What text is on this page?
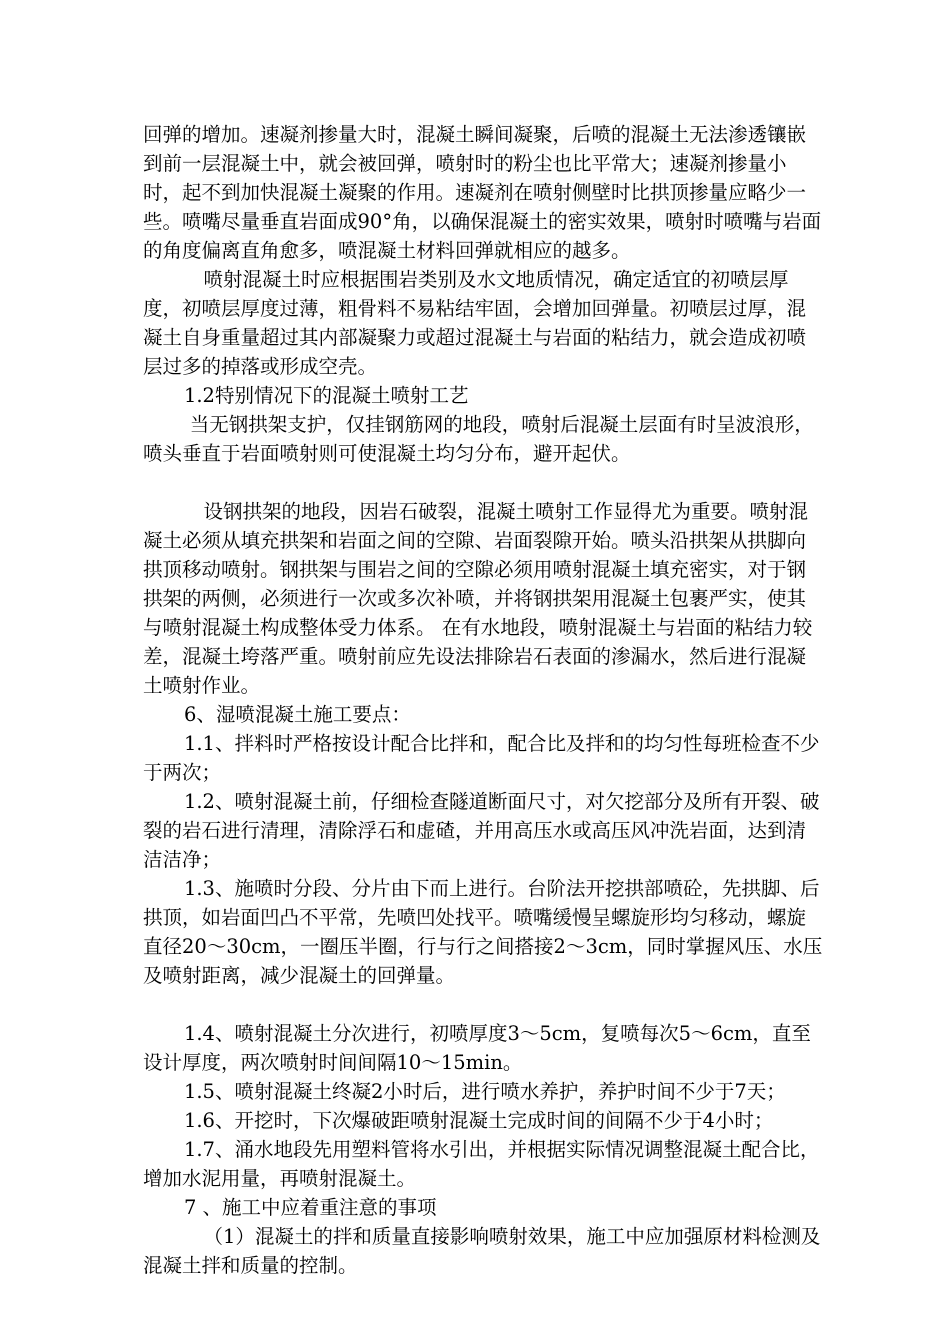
回弹的增加。速凝剂掺量大时，混凝土瞬间凝聚，后喷的混凝土无法渗透镶嵌到前一层混凝土中，就会被回弹，喷射时的粉尘也比平常大；速凝剂掺量小时，起不到加快混凝土凝聚的作用。速凝剂在喷射侧壁时比拱顶掺量应略少一些。喷嘴尽量垂直岩面成90°角，以确保混凝土的密实效果，喷射时喷嘴与岩面的角度偏离直角愈多，喷混凝土材料回弹就相应的越多。

喷射混凝土时应根据围岩类别及水文地质情况，确定适宜的初喷层厚度，初喷层厚度过薄，粗骨料不易粘结牢固，会增加回弹量。初喷层过厚，混凝土自身重量超过其内部凝聚力或超过混凝土与岩面的粘结力，就会造成初喷层过多的掉落或形成空壳。

1.2特别情况下的混凝土喷射工艺

当无钢拱架支护，仅挂钢筋网的地段，喷射后混凝土层面有时呈波浪形，喷头垂直于岩面喷射则可使混凝土均匀分布，避开起伏。

设钢拱架的地段，因岩石破裂，混凝土喷射工作显得尤为重要。喷射混凝土必须从填充拱架和岩面之间的空隙、岩面裂隙开始。喷头沿拱架从拱脚向拱顶移动喷射。钢拱架与围岩之间的空隙必须用喷射混凝土填充密实，对于钢拱架的两侧，必须进行一次或多次补喷，并将钢拱架用混凝土包裹严实，使其与喷射混凝土构成整体受力体系。 在有水地段，喷射混凝土与岩面的粘结力较差，混凝土垮落严重。喷射前应先设法排除岩石表面的渗漏水，然后进行混凝土喷射作业。

6、湿喷混凝土施工要点：

1.1、拌料时严格按设计配合比拌和，配合比及拌和的均匀性每班检查不少于两次；

1.2、喷射混凝土前，仔细检查隧道断面尺寸，对欠挖部分及所有开裂、破裂的岩石进行清理，清除浮石和虚碴，并用高压水或高压风冲洗岩面，达到清洁洁净；

1.3、施喷时分段、分片由下而上进行。台阶法开挖拱部喷砼，先拱脚、后拱顶，如岩面凹凸不平常，先喷凹处找平。喷嘴缓慢呈螺旋形均匀移动，螺旋直径20～30cm，一圈压半圈，行与行之间搭接2～3cm，同时掌握风压、水压及喷射距离，减少混凝土的回弹量。

1.4、喷射混凝土分次进行，初喷厚度3～5cm，复喷每次5～6cm，直至设计厚度，两次喷射时间间隔10～15min。

1.5、喷射混凝土终凝2小时后，进行喷水养护，养护时间不少于7天；

1.6、开挖时，下次爆破距喷射混凝土完成时间的间隔不少于4小时；

1.7、涌水地段先用塑料管将水引出，并根据实际情况调整混凝土配合比，增加水泥用量，再喷射混凝土。

7 、施工中应着重注意的事项

（1）混凝土的拌和质量直接影响喷射效果，施工中应加强原材料检测及混凝土拌和质量的控制。
